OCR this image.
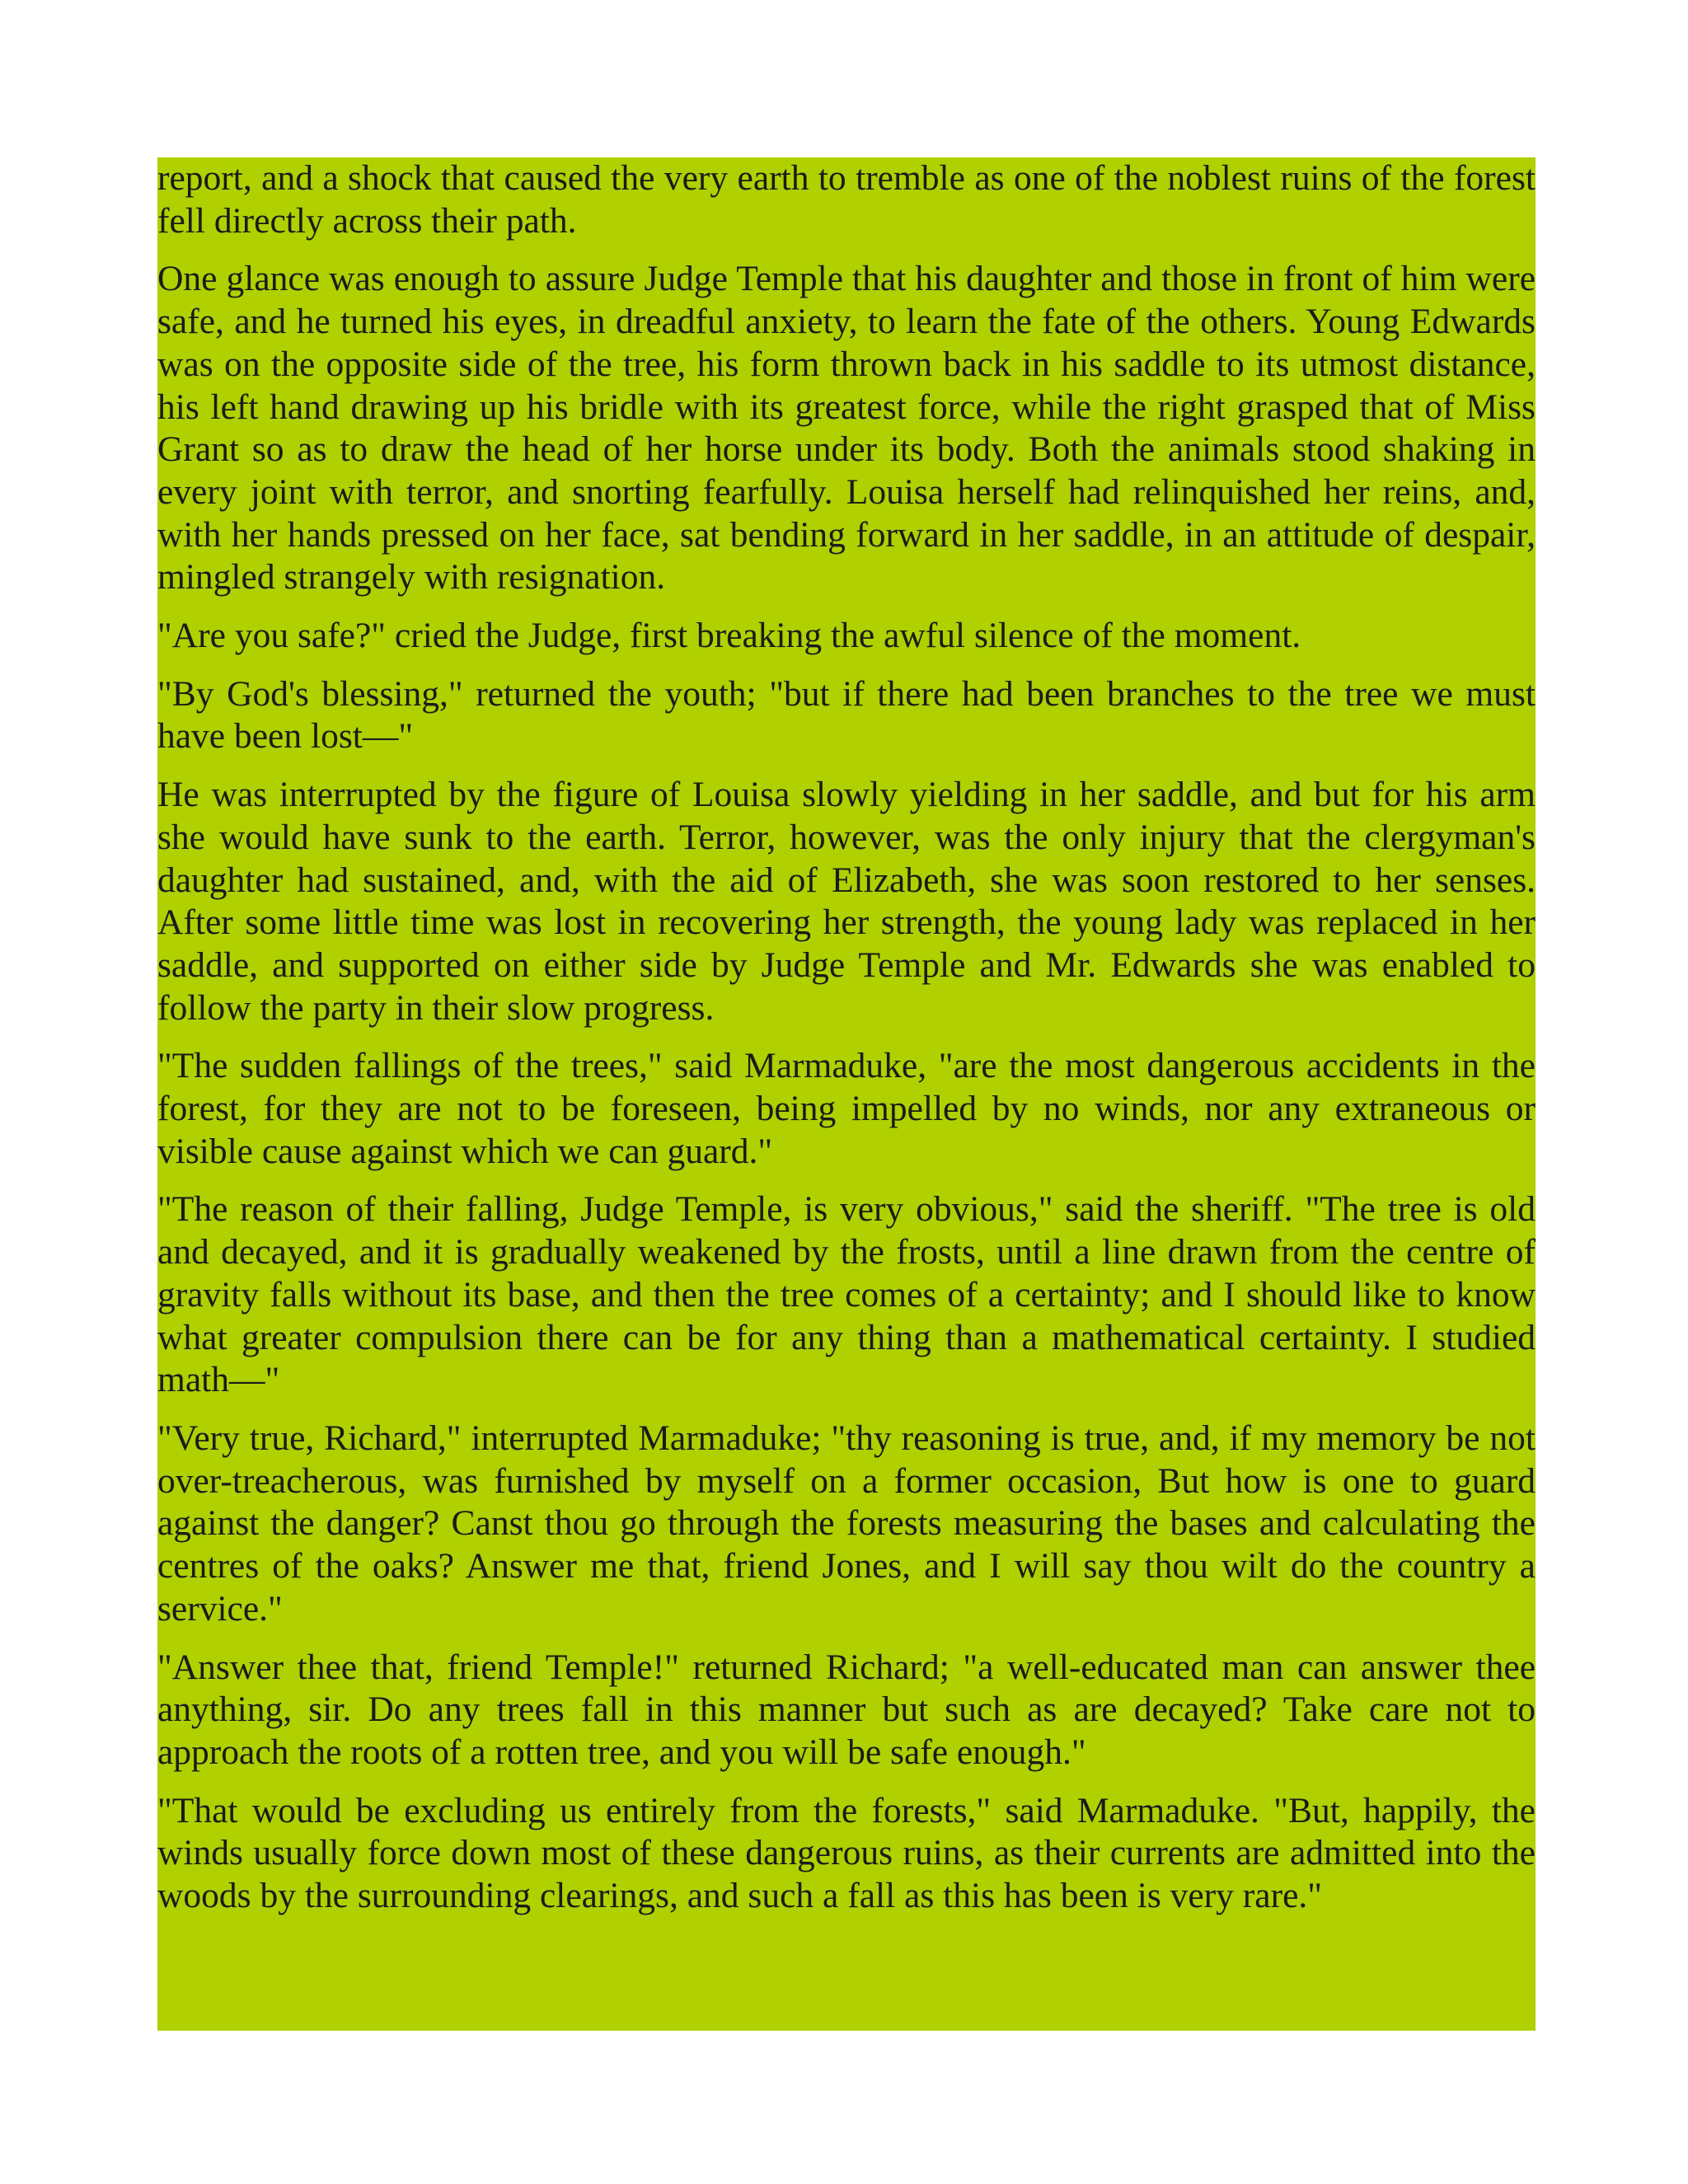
report, and a shock that caused the very earth to tremble as one of the noblest ruins of the forest fell directly across their path.

One glance was enough to assure Judge Temple that his daughter and those in front of him were safe, and he turned his eyes, in dreadful anxiety, to learn the fate of the others. Young Edwards was on the opposite side of the tree, his form thrown back in his saddle to its utmost distance, his left hand drawing up his bridle with its greatest force, while the right grasped that of Miss Grant so as to draw the head of her horse under its body. Both the animals stood shaking in every joint with terror, and snorting fearfully. Louisa herself had relinquished her reins, and, with her hands pressed on her face, sat bending forward in her saddle, in an attitude of despair, mingled strangely with resignation.

"Are you safe?" cried the Judge, first breaking the awful silence of the moment.

"By God's blessing," returned the youth; "but if there had been branches to the tree we must have been lost—"

He was interrupted by the figure of Louisa slowly yielding in her saddle, and but for his arm she would have sunk to the earth. Terror, however, was the only injury that the clergyman's daughter had sustained, and, with the aid of Elizabeth, she was soon restored to her senses. After some little time was lost in recovering her strength, the young lady was replaced in her saddle, and supported on either side by Judge Temple and Mr. Edwards she was enabled to follow the party in their slow progress.

"The sudden fallings of the trees," said Marmaduke, "are the most dangerous accidents in the forest, for they are not to be foreseen, being impelled by no winds, nor any extraneous or visible cause against which we can guard."

"The reason of their falling, Judge Temple, is very obvious," said the sheriff. "The tree is old and decayed, and it is gradually weakened by the frosts, until a line drawn from the centre of gravity falls without its base, and then the tree comes of a certainty; and I should like to know what greater compulsion there can be for any thing than a mathematical certainty. I studied math—"

"Very true, Richard," interrupted Marmaduke; "thy reasoning is true, and, if my memory be not over-treacherous, was furnished by myself on a former occasion, But how is one to guard against the danger? Canst thou go through the forests measuring the bases and calculating the centres of the oaks? Answer me that, friend Jones, and I will say thou wilt do the country a service."

"Answer thee that, friend Temple!" returned Richard; "a well-educated man can answer thee anything, sir. Do any trees fall in this manner but such as are decayed? Take care not to approach the roots of a rotten tree, and you will be safe enough."

"That would be excluding us entirely from the forests," said Marmaduke. "But, happily, the winds usually force down most of these dangerous ruins, as their currents are admitted into the woods by the surrounding clearings, and such a fall as this has been is very rare."
